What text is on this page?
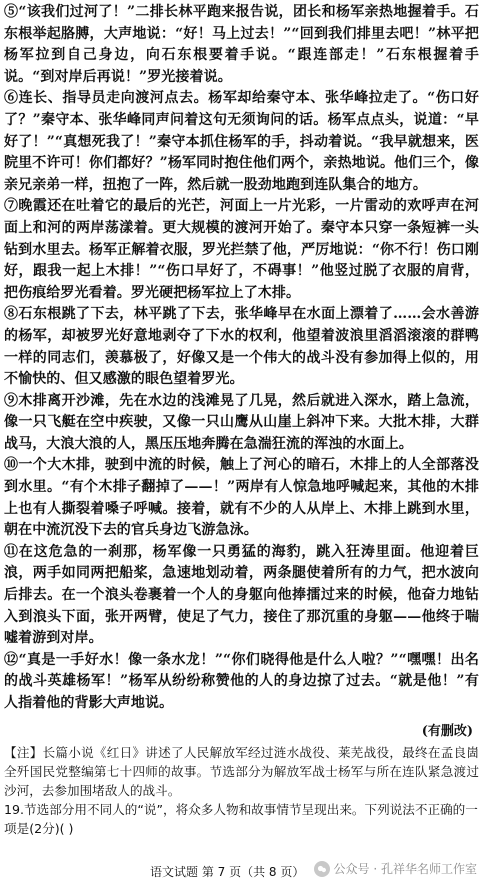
⑤“该我们过河了！”二排长林平跑来报告说，团长和杨军亲热地握着手。石东根举起胳膊，大声地说：“好！马上过去！”“回到我们排里去吧！”林平把杨军拉到自己身边，向石东根要着手说。“跟连部走！”石东根握着手说。“到对岸后再说！”罗光接着说。

⑥连长、指导员走向渡河点去。杨军却给秦守本、张华峰拉走了。“伤口好了？”秦守本、张华峰同声问着这句无须询问的话。杨军点点头，说道：“早好了！”“真想死我了！”秦守本抓住杨军的手，抖动着说。“我早就想来，医院里不许可！你们都好？”杨军同时抱住他们两个，亲热地说。他们三个，像亲兄亲弟一样，扭抱了一阵，然后就一股劲地跑到连队集合的地方。

⑦晚霞还在吐着它的最后的光芒，河面上一片光彩，一片雷动的欢呼声在河面上和河的两岸荡漾着。更大规模的渡河开始了。秦守本只穿一条短裤一头钻到水里去。杨军正解着衣服，罗光拦禁了他，严厉地说：“你不行！伤口刚好，跟我一起上木排！”“伤口早好了，不碍事！”他竖过脱了衣服的肩背，把伤痕给罗光看着。罗光硬把杨军拉上了木排。

⑧石东根跳了下去，林平跳了下去，张华峰早在水面上漂着了……会水善游的杨军，却被罗光好意地剥夺了下水的权利，他望着波浪里滔滔滚滚的群鸭一样的同志们，羡慕极了，好像又是一个伟大的战斗没有参加得上似的，用不愉快的、但又感激的眼色望着罗光。

⑨木排离开沙滩，先在水边的浅滩晃了几晃，然后就进入深水，踏上急流，像一只飞艇在空中疾驶，又像一只山鹰从山崖上斜冲下来。大批木排，大群战马，大浪大浪的人，黑压压地奔腾在急湍狂流的浑浊的水面上。

⑩一个大木排，驶到中流的时候，触上了河心的暗石，木排上的人全部落没到水里。“有个木排子翻掉了——！”两岸有人惊急地呼喊起来，其他的木排上也有人撕裂着嗓子呼喊。接着，就有不少的人从岸上、木排上跳到水里，朝在中流沉没下去的官兵身边飞游急泳。

⑪在这危急的一刹那，杨军像一只勇猛的海豹，跳入狂涛里面。他迎着巨浪，两手如同两把船桨，急速地划动着，两条腿使着所有的力气，把水波向后排去。在一个浪头卷裹着一个人的身躯向他捧擂过来的时候，他奋力地钻入到浪头下面，张开两臂，使足了气力，接住了那沉重的身躯——他终于喘嘘着游到对岸。

⑫“真是一手好水！像一条水龙！”“你们晓得他是什么人啦？”“嘿嘿！出名的战斗英雄杨军！”杨军从纷纷称赞他的人的身边掠了过去。“就是他！”有人指着他的背影大声地说。

(有删改)

【注】长篇小说《红日》讲述了人民解放军经过涟水战役、莱芜战役，最终在孟良崮全歼国民党整编第七十四师的故事。节选部分为解放军战士杨军与所在连队紧急渡过沙河，去参加围堵敌人的战斗。

19.节选部分用不同人的“说”，将众多人物和故事情节呈现出来。下列说法不正确的一项是(2分)( )

语文试题 第 7 页（共 8 页） 公众号 · 孔祥华名师工作室
